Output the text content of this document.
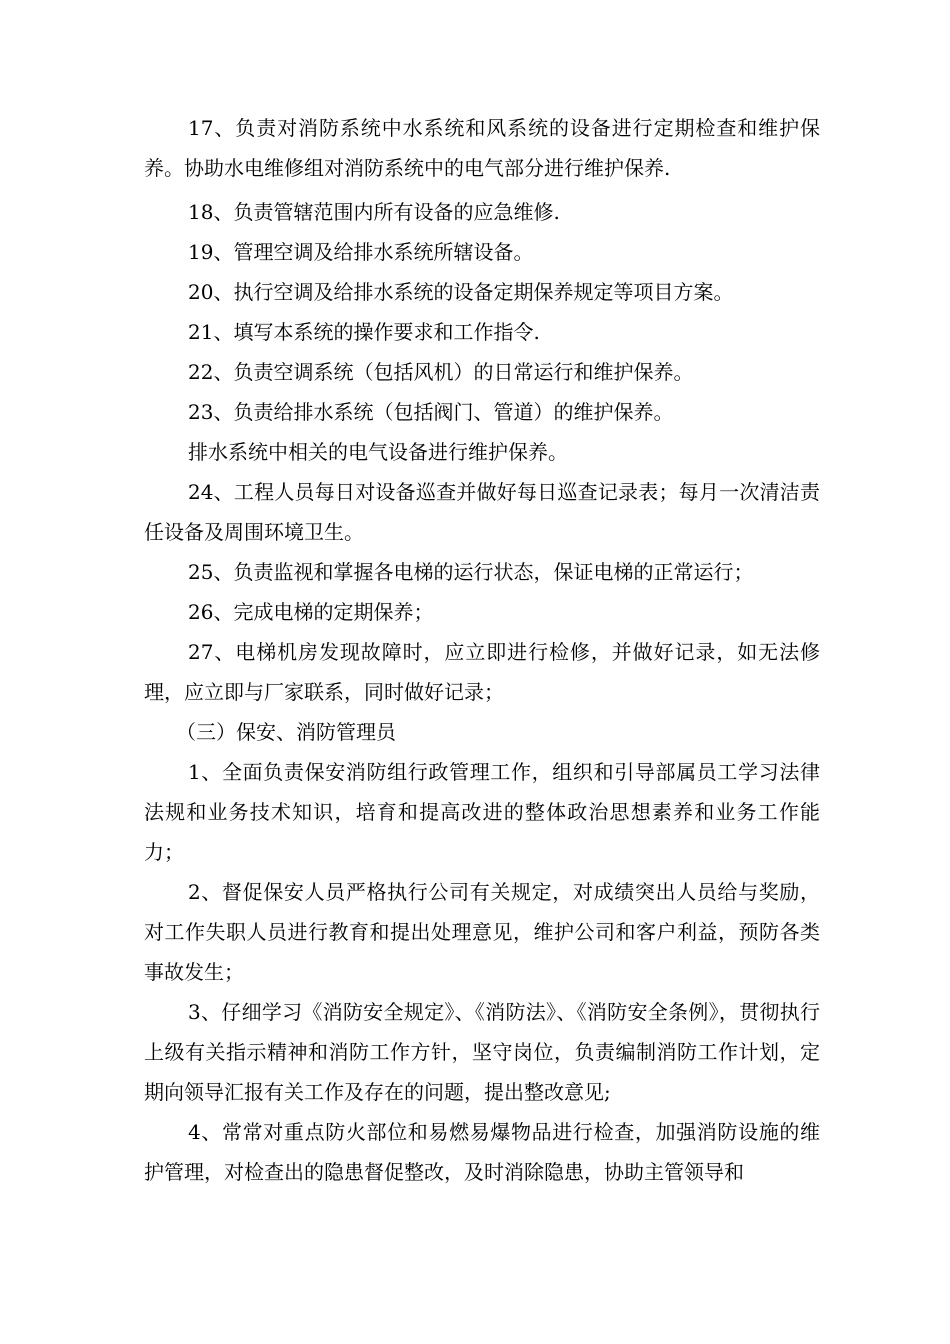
17、负责对消防系统中水系统和风系统的设备进行定期检查和维护保养。协助水电维修组对消防系统中的电气部分进行维护保养.

18、负责管辖范围内所有设备的应急维修.

19、管理空调及给排水系统所辖设备。

20、执行空调及给排水系统的设备定期保养规定等项目方案。

21、填写本系统的操作要求和工作指令.

22、负责空调系统（包括风机）的日常运行和维护保养。

23、负责给排水系统（包括阀门、管道）的维护保养。

排水系统中相关的电气设备进行维护保养。

24、工程人员每日对设备巡查并做好每日巡查记录表；每月一次清洁责任设备及周围环境卫生。

25、负责监视和掌握各电梯的运行状态，保证电梯的正常运行；

26、完成电梯的定期保养；

27、电梯机房发现故障时，应立即进行检修，并做好记录，如无法修理，应立即与厂家联系，同时做好记录；

（三）保安、消防管理员

1、全面负责保安消防组行政管理工作，组织和引导部属员工学习法律法规和业务技术知识，培育和提高改进的整体政治思想素养和业务工作能力；

2、督促保安人员严格执行公司有关规定，对成绩突出人员给与奖励，对工作失职人员进行教育和提出处理意见，维护公司和客户利益，预防各类事故发生；

3、仔细学习《消防安全规定》、《消防法》、《消防安全条例》，贯彻执行上级有关指示精神和消防工作方针，坚守岗位，负责编制消防工作计划，定期向领导汇报有关工作及存在的问题，提出整改意见;

4、常常对重点防火部位和易燃易爆物品进行检查，加强消防设施的维护管理，对检查出的隐患督促整改，及时消除隐患，协助主管领导和
